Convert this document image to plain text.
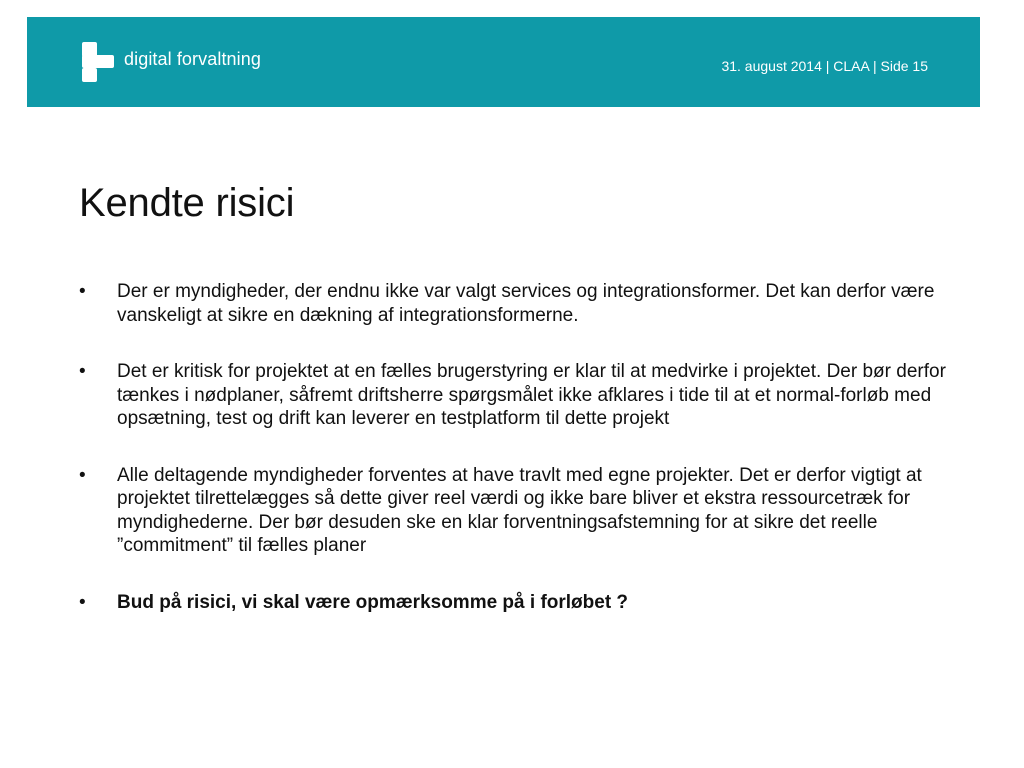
digital forvaltning	31. august 2014 | CLAA | Side 15
Kendte risici
•	Der er myndigheder, der endnu ikke var valgt services og integrationsformer. Det kan derfor være vanskeligt at sikre en dækning af integrationsformerne.
•	Det er kritisk for projektet at en fælles brugerstyring er klar til at medvirke i projektet. Der bør derfor tænkes i nødplaner, såfremt driftsherre spørgsmålet ikke afklares i tide til at et normal-forløb med opsætning, test og drift kan leverer en testplatform til dette projekt
•	Alle deltagende myndigheder forventes at have travlt med egne projekter. Det er derfor vigtigt at projektet tilrettelægges så dette giver reel værdi og ikke bare bliver et ekstra ressourcetræk for myndighederne. Der bør desuden ske en klar forventningsafstemning for at sikre det reelle ”commitment” til fælles planer
•	Bud på risici, vi skal være opmærksomme på i forløbet ?
